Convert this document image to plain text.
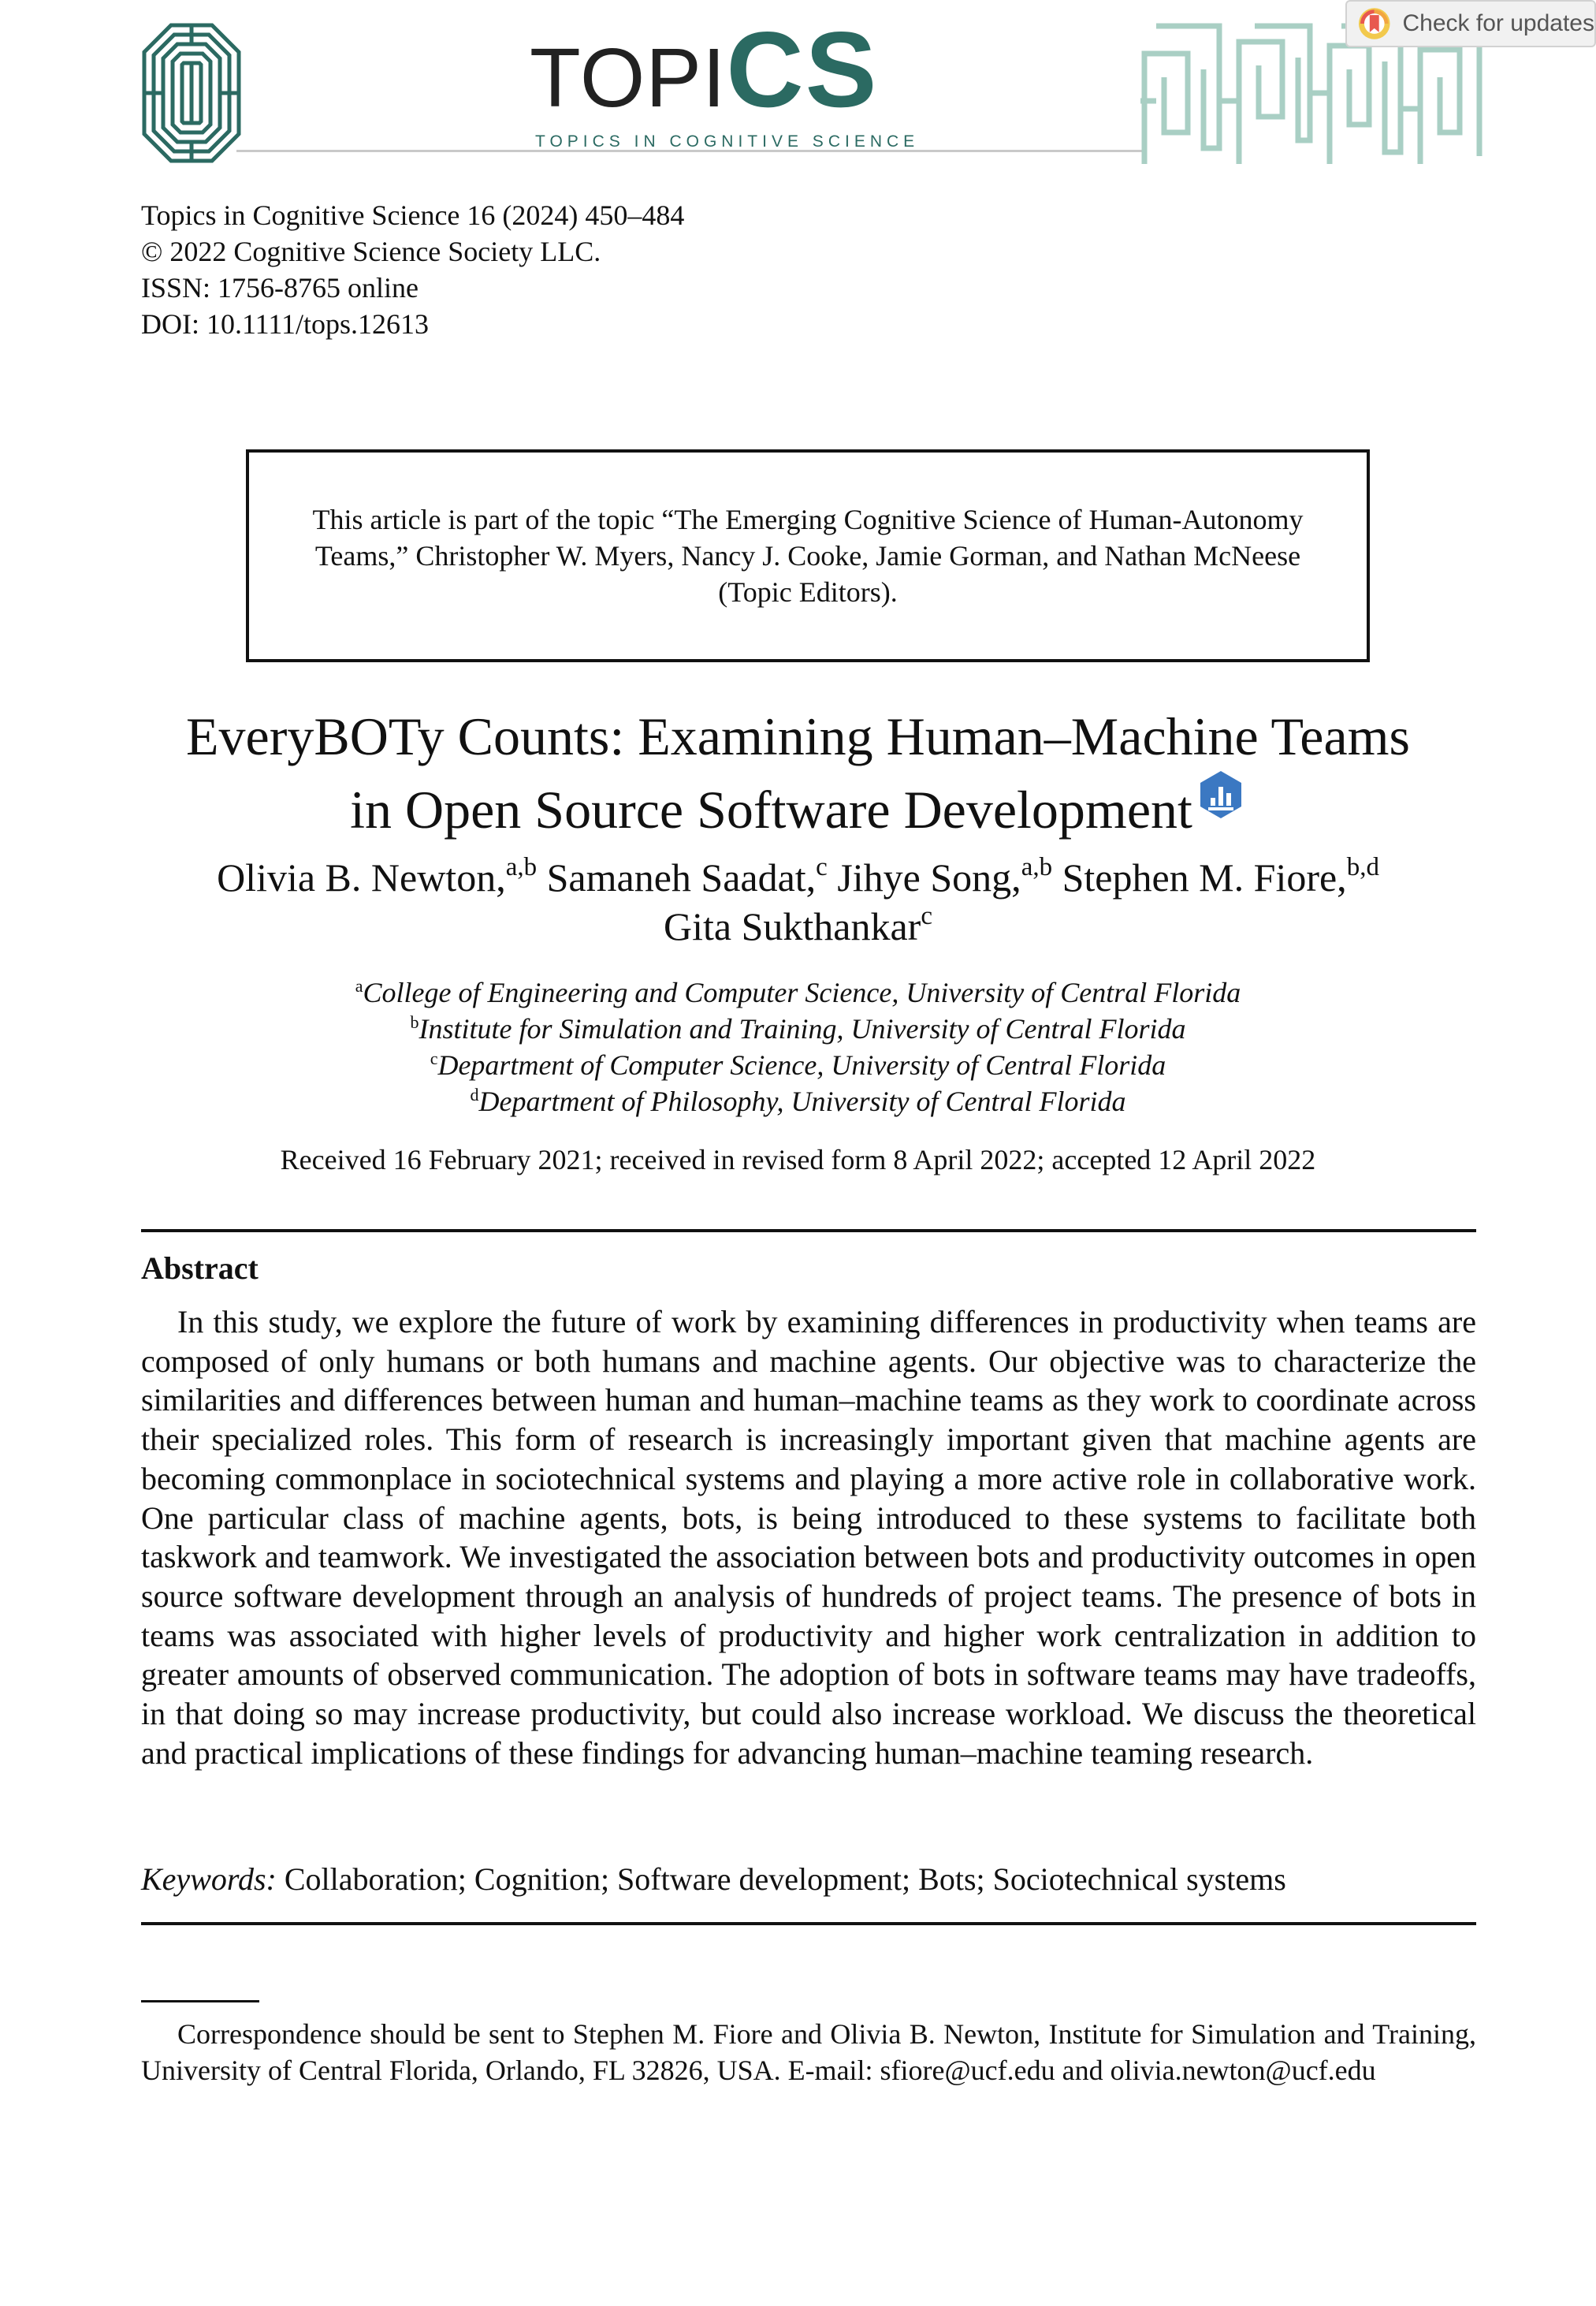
TOPICS
TOPICS IN COGNITIVE SCIENCE
Check for updates
Topics in Cognitive Science 16 (2024) 450–484
© 2022 Cognitive Science Society LLC.
ISSN: 1756-8765 online
DOI: 10.1111/tops.12613
This article is part of the topic “The Emerging Cognitive Science of Human-Autonomy Teams,” Christopher W. Myers, Nancy J. Cooke, Jamie Gorman, and Nathan McNeese (Topic Editors).
EveryBOTy Counts: Examining Human–Machine Teams
in Open Source Software Development
Olivia B. Newton,$^{a,b}$ Samaneh Saadat,$^c$ Jihye Song,$^{a,b}$ Stephen M. Fiore,$^{b,d}$
Gita Sukthankar$^c$
$^a$College of Engineering and Computer Science, University of Central Florida
$^b$Institute for Simulation and Training, University of Central Florida
$^c$Department of Computer Science, University of Central Florida
$^d$Department of Philosophy, University of Central Florida
Received 16 February 2021; received in revised form 8 April 2022; accepted 12 April 2022
Abstract
In this study, we explore the future of work by examining differences in productivity when teams are composed of only humans or both humans and machine agents. Our objective was to characterize the similarities and differences between human and human–machine teams as they work to coordinate across their specialized roles. This form of research is increasingly important given that machine agents are becoming commonplace in sociotechnical systems and playing a more active role in collaborative work. One particular class of machine agents, bots, is being introduced to these systems to facilitate both taskwork and teamwork. We investigated the association between bots and productivity outcomes in open source software development through an analysis of hundreds of project teams. The presence of bots in teams was associated with higher levels of productivity and higher work centralization in addition to greater amounts of observed communication. The adoption of bots in software teams may have tradeoffs, in that doing so may increase productivity, but could also increase workload. We discuss the theoretical and practical implications of these findings for advancing human–machine teaming research.
Keywords: Collaboration; Cognition; Software development; Bots; Sociotechnical systems
Correspondence should be sent to Stephen M. Fiore and Olivia B. Newton, Institute for Simulation and Training, University of Central Florida, Orlando, FL 32826, USA. E-mail: sfiore@ucf.edu and olivia.newton@ucf.edu
